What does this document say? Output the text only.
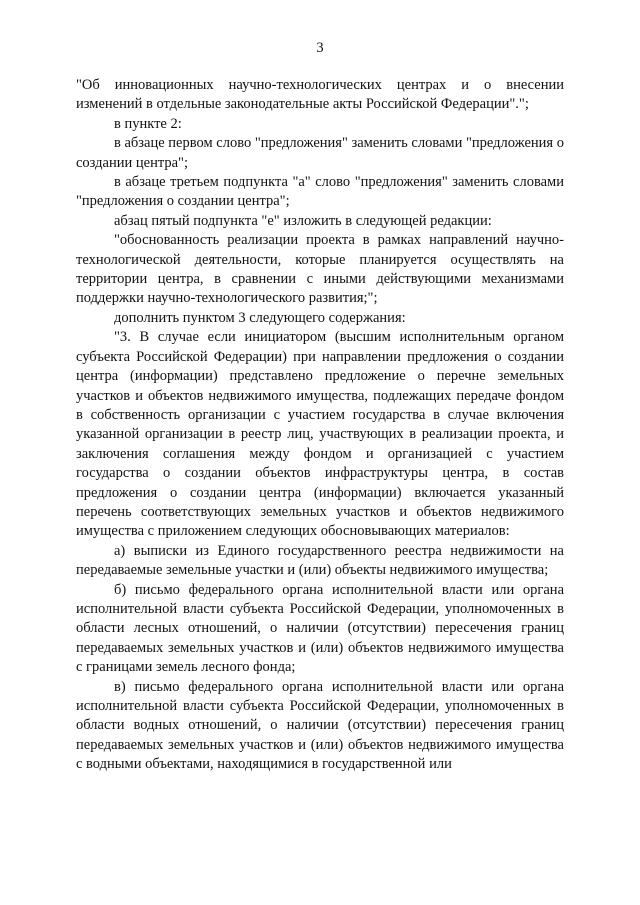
3

"Об инновационных научно-технологических центрах и о внесении изменений в отдельные законодательные акты Российской Федерации".";

в пункте 2:

в абзаце первом слово "предложения" заменить словами "предложения о создании центра";

в абзаце третьем подпункта "а" слово "предложения" заменить словами "предложения о создании центра";

абзац пятый подпункта "е" изложить в следующей редакции:

"обоснованность реализации проекта в рамках направлений научно-технологической деятельности, которые планируется осуществлять на территории центра, в сравнении с иными действующими механизмами поддержки научно-технологического развития;";

дополнить пунктом 3 следующего содержания:

"3. В случае если инициатором (высшим исполнительным органом субъекта Российской Федерации) при направлении предложения о создании центра (информации) представлено предложение о перечне земельных участков и объектов недвижимого имущества, подлежащих передаче фондом в собственность организации с участием государства в случае включения указанной организации в реестр лиц, участвующих в реализации проекта, и заключения соглашения между фондом и организацией с участием государства о создании объектов инфраструктуры центра, в состав предложения о создании центра (информации) включается указанный перечень соответствующих земельных участков и объектов недвижимого имущества с приложением следующих обосновывающих материалов:

а) выписки из Единого государственного реестра недвижимости на передаваемые земельные участки и (или) объекты недвижимого имущества;

б) письмо федерального органа исполнительной власти или органа исполнительной власти субъекта Российской Федерации, уполномоченных в области лесных отношений, о наличии (отсутствии) пересечения границ передаваемых земельных участков и (или) объектов недвижимого имущества с границами земель лесного фонда;

в) письмо федерального органа исполнительной власти или органа исполнительной власти субъекта Российской Федерации, уполномоченных в области водных отношений, о наличии (отсутствии) пересечения границ передаваемых земельных участков и (или) объектов недвижимого имущества с водными объектами, находящимися в государственной или
